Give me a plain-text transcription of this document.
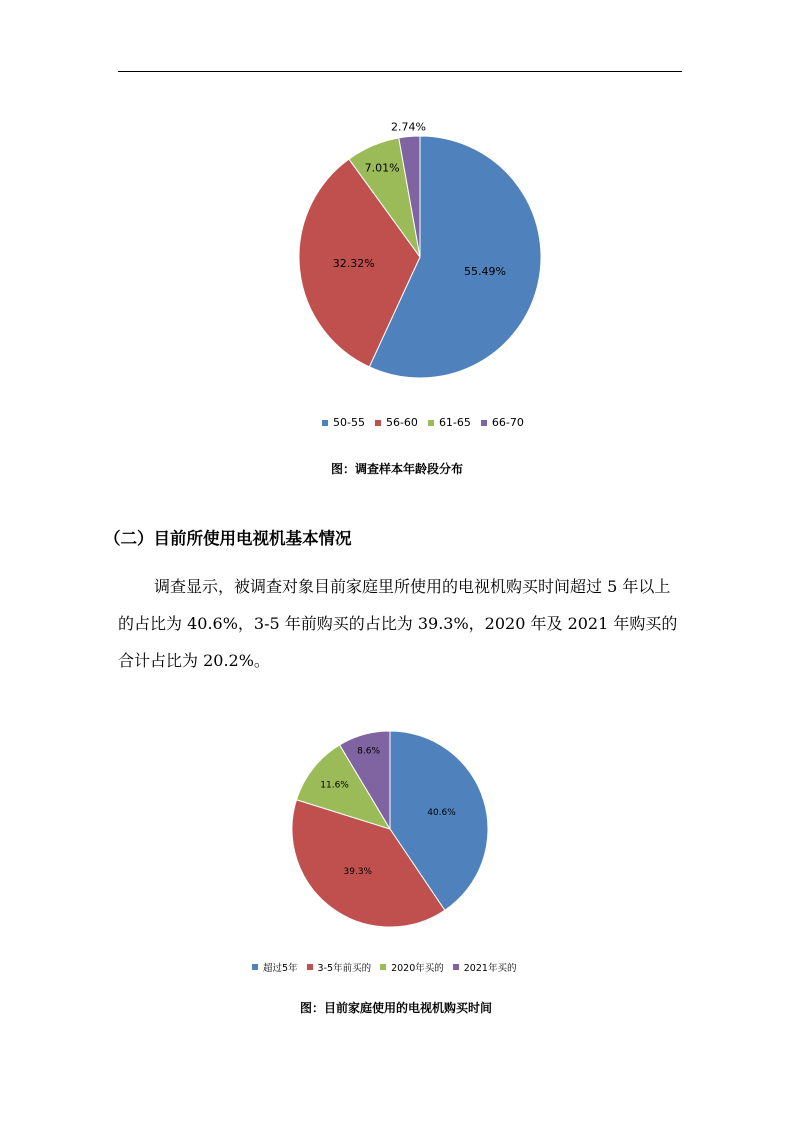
55.49%
32.32%
7.01%
2.74%
40.6%
39.3%
11.6%
8.6%
50-55 56-60 61-65 66-70
图：调查样本年龄段分布
（二）目前所使用电视机基本情况

调查显示，被调查对象目前家庭里所使用的电视机购买时间超过 5 年以上的占比为 40.6%，3-5 年前购买的占比为 39.3%，2020 年及 2021 年购买的合计占比为 20.2%。

超过5年 3-5年前买的 2020年买的 2021年买的
图：目前家庭使用的电视机购买时间
